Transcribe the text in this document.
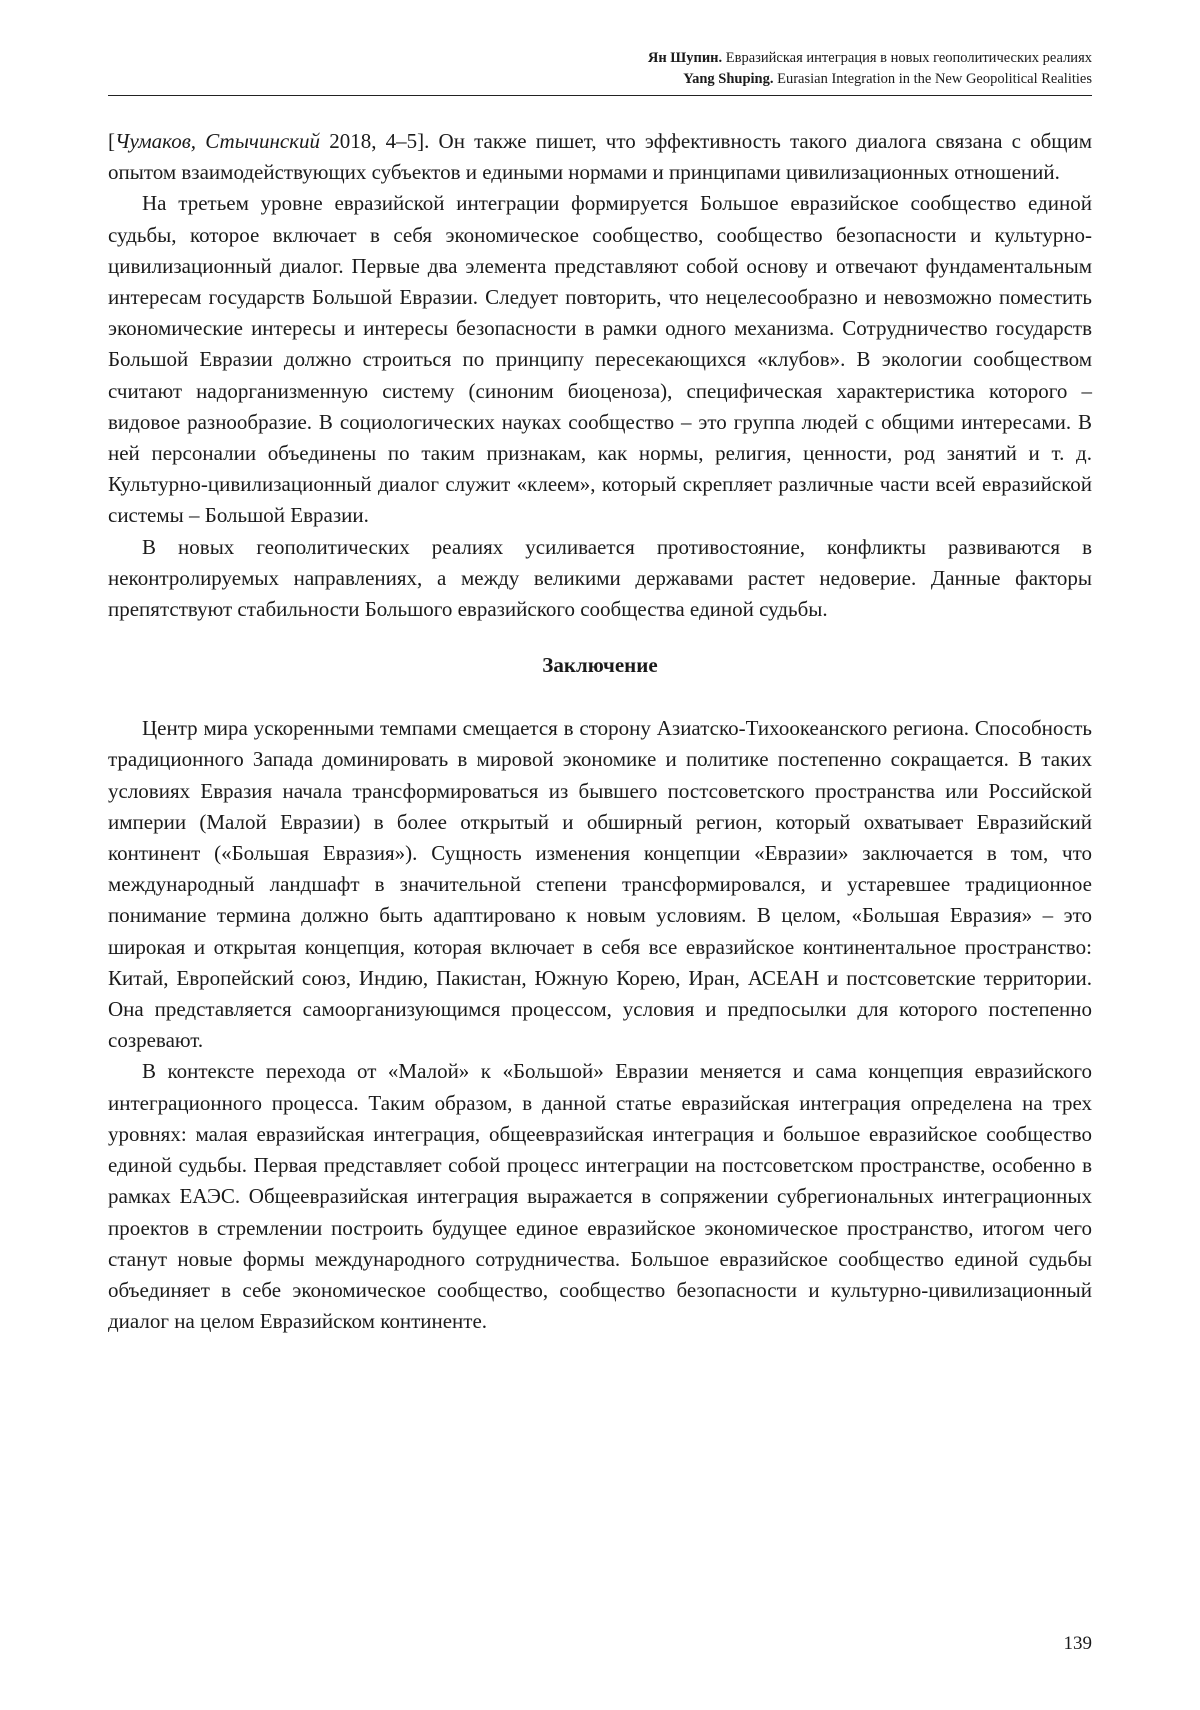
Ян Шупин. Евразийская интеграция в новых геополитических реалиях
Yang Shuping. Eurasian Integration in the New Geopolitical Realities

[Чумаков, Стычинский 2018, 4–5]. Он также пишет, что эффективность такого диалога связана с общим опытом взаимодействующих субъектов и едиными нормами и принципами цивилизационных отношений.

На третьем уровне евразийской интеграции формируется Большое евразийское сообщество единой судьбы, которое включает в себя экономическое сообщество, сообщество безопасности и культурно-цивилизационный диалог. Первые два элемента представляют собой основу и отвечают фундаментальным интересам государств Большой Евразии. Следует повторить, что нецелесообразно и невозможно поместить экономические интересы и интересы безопасности в рамки одного механизма. Сотрудничество государств Большой Евразии должно строиться по принципу пересекающихся «клубов». В экологии сообществом считают надорганизменную систему (синоним биоценоза), специфическая характеристика которого – видовое разнообразие. В социологических науках сообщество – это группа людей с общими интересами. В ней персоналии объединены по таким признакам, как нормы, религия, ценности, род занятий и т. д. Культурно-цивилизационный диалог служит «клеем», который скрепляет различные части всей евразийской системы – Большой Евразии.

В новых геополитических реалиях усиливается противостояние, конфликты развиваются в неконтролируемых направлениях, а между великими державами растет недоверие. Данные факторы препятствуют стабильности Большого евразийского сообщества единой судьбы.

Заключение

Центр мира ускоренными темпами смещается в сторону Азиатско-Тихоокеанского региона. Способность традиционного Запада доминировать в мировой экономике и политике постепенно сокращается. В таких условиях Евразия начала трансформироваться из бывшего постсоветского пространства или Российской империи (Малой Евразии) в более открытый и обширный регион, который охватывает Евразийский континент («Большая Евразия»). Сущность изменения концепции «Евразии» заключается в том, что международный ландшафт в значительной степени трансформировался, и устаревшее традиционное понимание термина должно быть адаптировано к новым условиям. В целом, «Большая Евразия» – это широкая и открытая концепция, которая включает в себя все евразийское континентальное пространство: Китай, Европейский союз, Индию, Пакистан, Южную Корею, Иран, АСЕАН и постсоветские территории. Она представляется самоорганизующимся процессом, условия и предпосылки для которого постепенно созревают.

В контексте перехода от «Малой» к «Большой» Евразии меняется и сама концепция евразийского интеграционного процесса. Таким образом, в данной статье евразийская интеграция определена на трех уровнях: малая евразийская интеграция, общеевразийская интеграция и большое евразийское сообщество единой судьбы. Первая представляет собой процесс интеграции на постсоветском пространстве, особенно в рамках ЕАЭС. Общеевразийская интеграция выражается в сопряжении субрегиональных интеграционных проектов в стремлении построить будущее единое евразийское экономическое пространство, итогом чего станут новые формы международного сотрудничества. Большое евразийское сообщество единой судьбы объединяет в себе экономическое сообщество, сообщество безопасности и культурно-цивилизационный диалог на целом Евразийском континенте.

139
